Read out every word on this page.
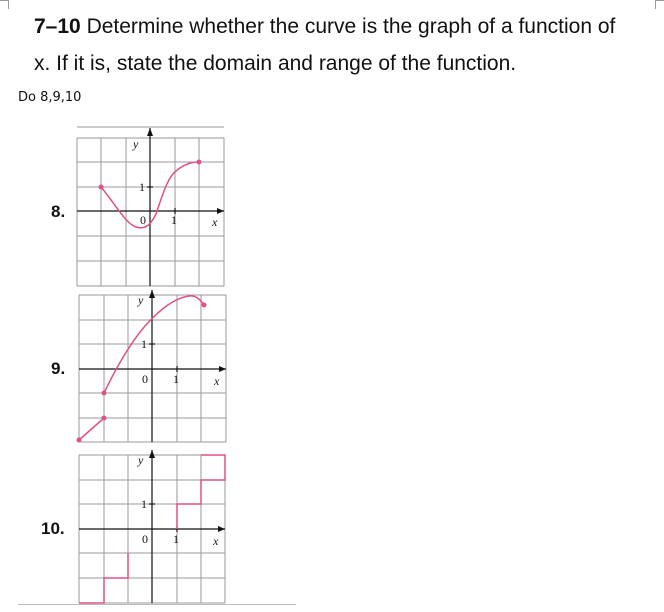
7–10 Determine whether the curve is the graph of a function of
x. If it is, state the domain and range of the function.
Do 8,9,10
8.
y
1
0 1	x
9.
y
1
0 1	x
10.
y
1
0 1	x
